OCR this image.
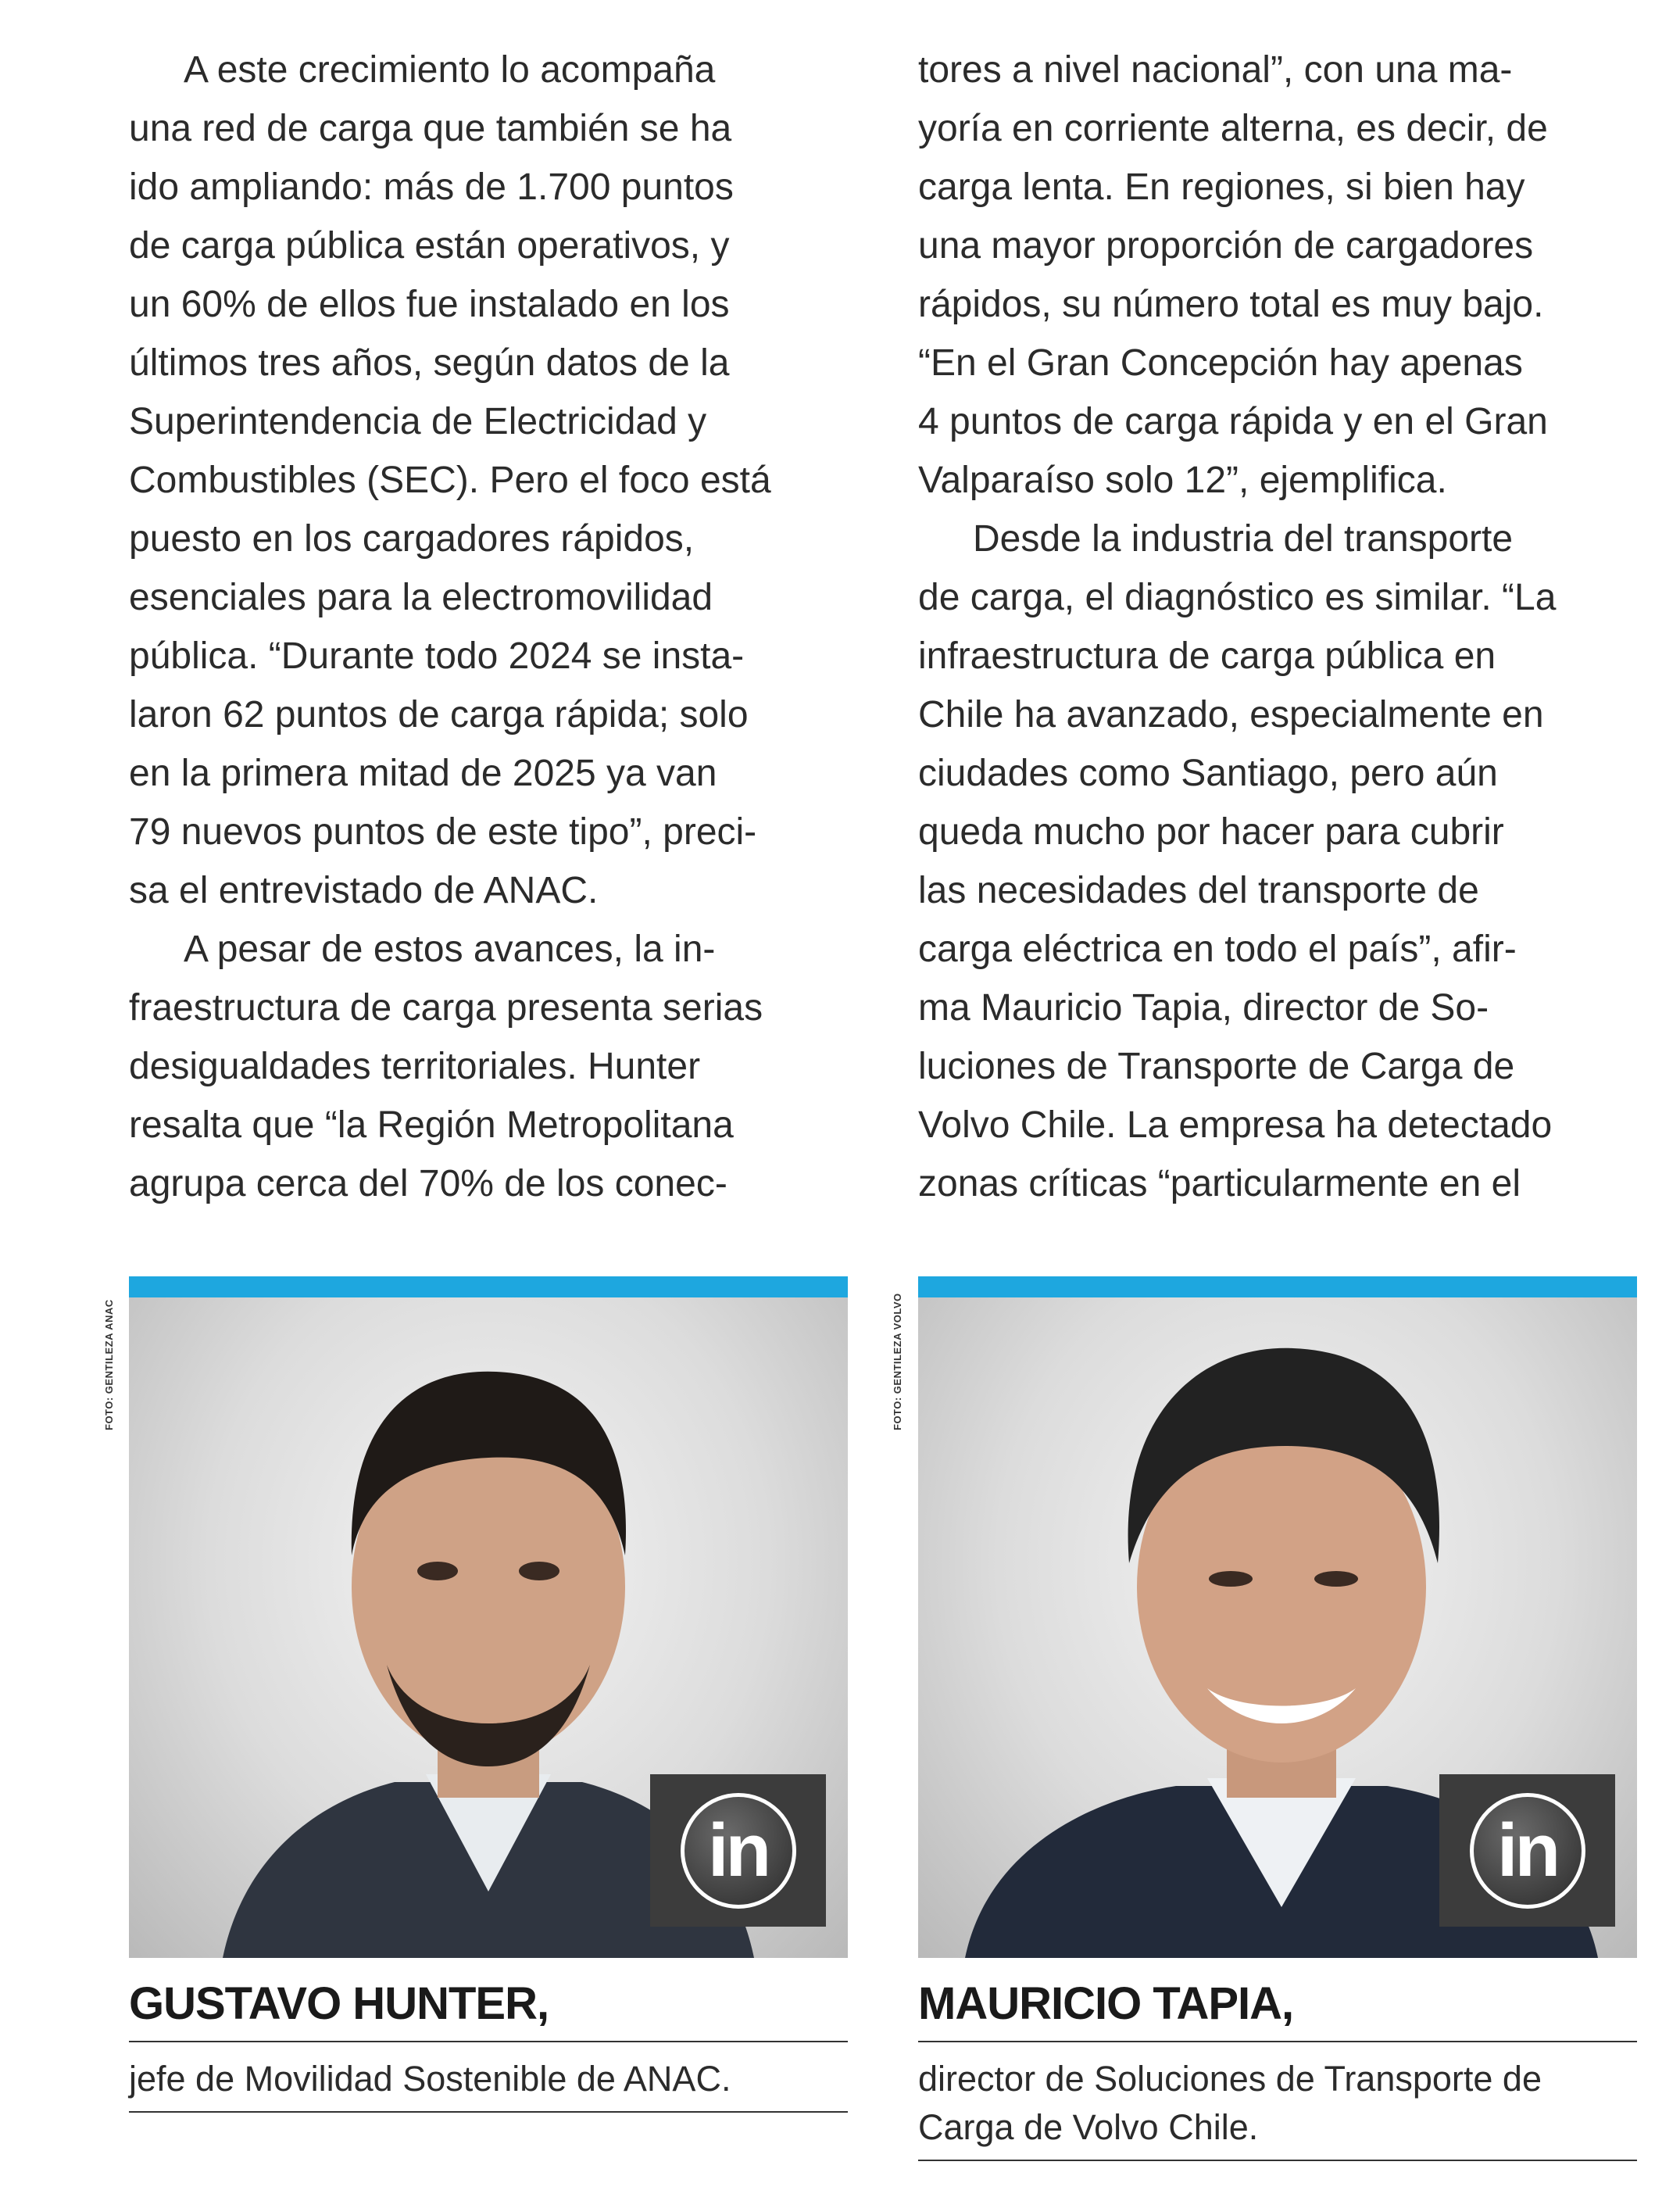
A este crecimiento lo acompaña
una red de carga que también se ha
ido ampliando: más de 1.700 puntos
de carga pública están operativos, y
un 60% de ellos fue instalado en los
últimos tres años, según datos de la
Superintendencia de Electricidad y
Combustibles (SEC). Pero el foco está
puesto en los cargadores rápidos,
esenciales para la electromovilidad
pública. “Durante todo 2024 se insta-
laron 62 puntos de carga rápida; solo
en la primera mitad de 2025 ya van
79 nuevos puntos de este tipo”, preci-
sa el entrevistado de ANAC.
A pesar de estos avances, la in-
fraestructura de carga presenta serias
desigualdades territoriales. Hunter
resalta que “la Región Metropolitana
agrupa cerca del 70% de los conec-
tores a nivel nacional”, con una ma-
yoría en corriente alterna, es decir, de
carga lenta. En regiones, si bien hay
una mayor proporción de cargadores
rápidos, su número total es muy bajo.
“En el Gran Concepción hay apenas
4 puntos de carga rápida y en el Gran
Valparaíso solo 12”, ejemplifica.
Desde la industria del transporte
de carga, el diagnóstico es similar. “La
infraestructura de carga pública en
Chile ha avanzado, especialmente en
ciudades como Santiago, pero aún
queda mucho por hacer para cubrir
las necesidades del transporte de
carga eléctrica en todo el país”, afir-
ma Mauricio Tapia, director de So-
luciones de Transporte de Carga de
Volvo Chile. La empresa ha detectado
zonas críticas “particularmente en el
FOTO: GENTILEZA ANAC	FOTO: GENTILEZA VOLVO
in
GUSTAVO HUNTER,
jefe de Movilidad Sostenible de ANAC.
in
MAURICIO TAPIA,
director de Soluciones de Transporte de
Carga de Volvo Chile.
